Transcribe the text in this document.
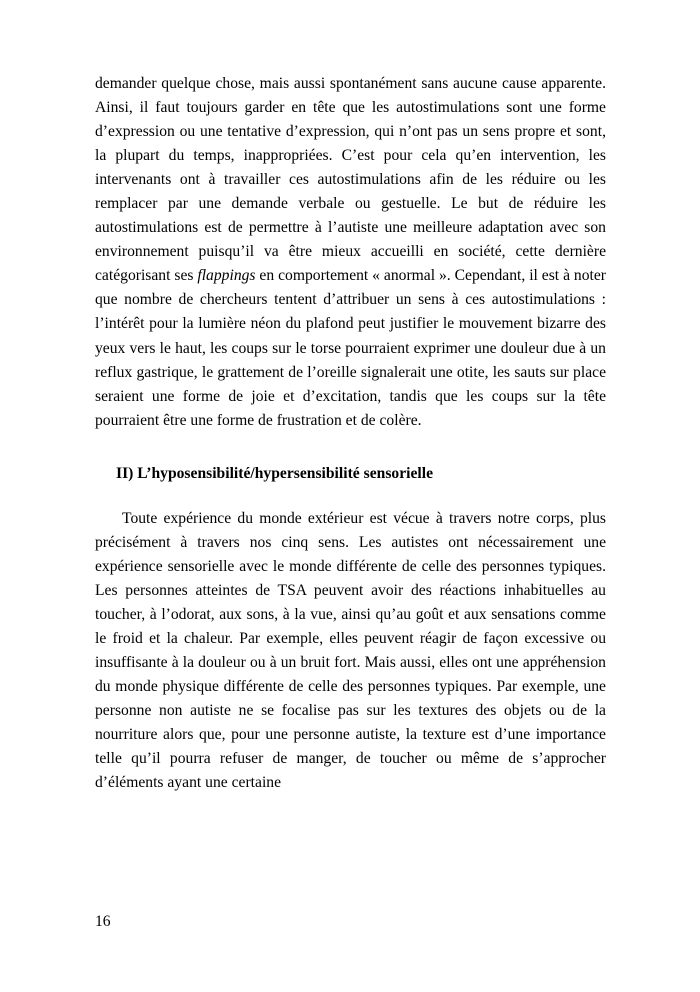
demander quelque chose, mais aussi spontanément sans aucune cause apparente. Ainsi, il faut toujours garder en tête que les autostimulations sont une forme d’expression ou une tentative d’expression, qui n’ont pas un sens propre et sont, la plupart du temps, inappropriées. C’est pour cela qu’en intervention, les intervenants ont à travailler ces autostimulations afin de les réduire ou les remplacer par une demande verbale ou gestuelle. Le but de réduire les autostimulations est de permettre à l’autiste une meilleure adaptation avec son environnement puisqu’il va être mieux accueilli en société, cette dernière catégorisant ses flappings en comportement « anormal ». Cependant, il est à noter que nombre de chercheurs tentent d’attribuer un sens à ces autostimulations : l’intérêt pour la lumière néon du plafond peut justifier le mouvement bizarre des yeux vers le haut, les coups sur le torse pourraient exprimer une douleur due à un reflux gastrique, le grattement de l’oreille signalerait une otite, les sauts sur place seraient une forme de joie et d’excitation, tandis que les coups sur la tête pourraient être une forme de frustration et de colère.

II) L’hyposensibilité/hypersensibilité sensorielle

Toute expérience du monde extérieur est vécue à travers notre corps, plus précisément à travers nos cinq sens. Les autistes ont nécessairement une expérience sensorielle avec le monde différente de celle des personnes typiques. Les personnes atteintes de TSA peuvent avoir des réactions inhabituelles au toucher, à l’odorat, aux sons, à la vue, ainsi qu’au goût et aux sensations comme le froid et la chaleur. Par exemple, elles peuvent réagir de façon excessive ou insuffisante à la douleur ou à un bruit fort. Mais aussi, elles ont une appréhension du monde physique différente de celle des personnes typiques. Par exemple, une personne non autiste ne se focalise pas sur les textures des objets ou de la nourriture alors que, pour une personne autiste, la texture est d’une importance telle qu’il pourra refuser de manger, de toucher ou même de s’approcher d’éléments ayant une certaine

16
